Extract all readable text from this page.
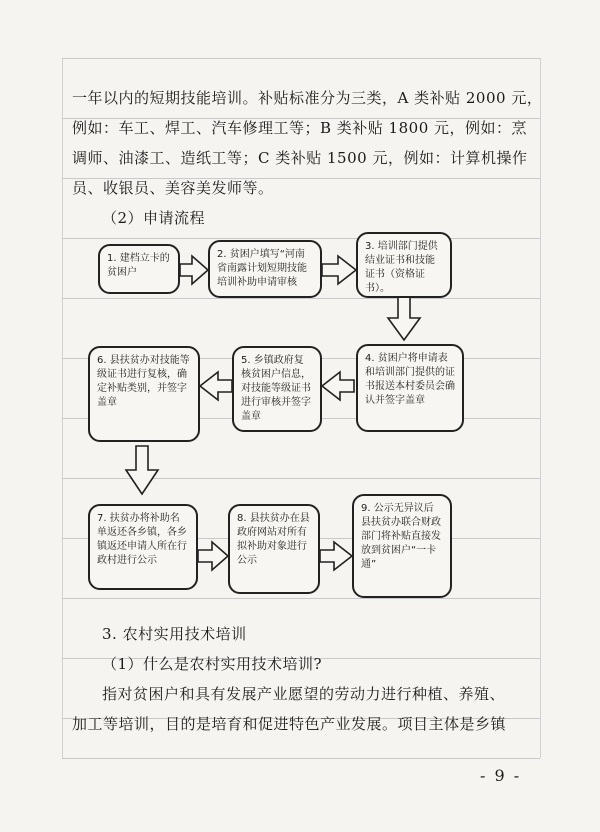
一年以内的短期技能培训。补贴标准分为三类，A 类补贴 2000 元，
例如：车工、焊工、汽车修理工等；B 类补贴 1800 元，例如：烹
调师、油漆工、造纸工等；C 类补贴 1500 元，例如：计算机操作
员、收银员、美容美发师等。
（2）申请流程
1. 建档立卡的贫困户
2. 贫困户填写“河南省南露计划短期技能培训补助申请审核
3. 培训部门提供结业证书和技能证书（资格证书）。
4. 贫困户将申请表和培训部门提供的证书报送本村委员会确认并签字盖章
5. 乡镇政府复核贫困户信息，对技能等级证书进行审核并签字盖章
6. 县扶贫办对技能等级证书进行复核，确定补贴类别，并签字盖章
7. 扶贫办将补助名单返还各乡镇，各乡镇返还申请人所在行政村进行公示
8. 县扶贫办在县政府网站对所有拟补助对象进行公示
9. 公示无异议后县扶贫办联合财政部门将补贴直接发放到贫困户“一卡通”
3. 农村实用技术培训
（1）什么是农村实用技术培训?
指对贫困户和具有发展产业愿望的劳动力进行种植、养殖、
加工等培训，目的是培育和促进特色产业发展。项目主体是乡镇
- 9 -
